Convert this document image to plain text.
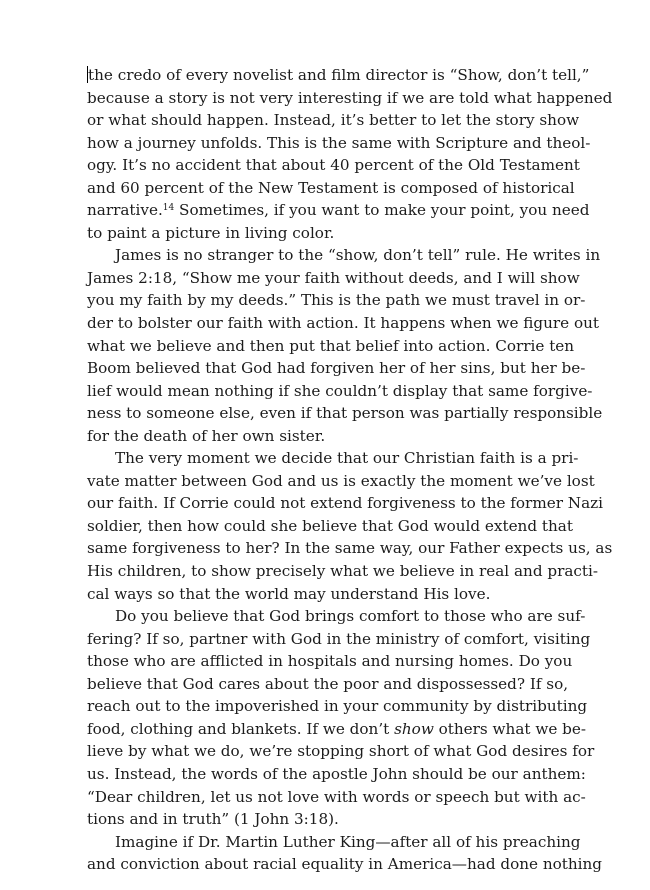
the credo of every novelist and film director is “Show, don’t tell,”
because a story is not very interesting if we are told what happened
or what should happen. Instead, it’s better to let the story show
how a journey unfolds. This is the same with Scripture and theol-
ogy. It’s no accident that about 40 percent of the Old Testament
and 60 percent of the New Testament is composed of historical
narrative.$^{14}$ Sometimes, if you want to make your point, you need
to paint a picture in living color.
James is no stranger to the “show, don’t tell” rule. He writes in
James 2:18, “Show me your faith without deeds, and I will show
you my faith by my deeds.” This is the path we must travel in or-
der to bolster our faith with action. It happens when we figure out
what we believe and then put that belief into action. Corrie ten
Boom believed that God had forgiven her of her sins, but her be-
lief would mean nothing if she couldn’t display that same forgive-
ness to someone else, even if that person was partially responsible
for the death of her own sister.
The very moment we decide that our Christian faith is a pri-
vate matter between God and us is exactly the moment we’ve lost
our faith. If Corrie could not extend forgiveness to the former Nazi
soldier, then how could she believe that God would extend that
same forgiveness to her? In the same way, our Father expects us, as
His children, to show precisely what we believe in real and practi-
cal ways so that the world may understand His love.
Do you believe that God brings comfort to those who are suf-
fering? If so, partner with God in the ministry of comfort, visiting
those who are afflicted in hospitals and nursing homes. Do you
believe that God cares about the poor and dispossessed? If so,
reach out to the impoverished in your community by distributing
food, clothing and blankets. If we don’t show others what we be-
lieve by what we do, we’re stopping short of what God desires for
us. Instead, the words of the apostle John should be our anthem:
“Dear children, let us not love with words or speech but with ac-
tions and in truth” (1 John 3:18).
Imagine if Dr. Martin Luther King—after all of his preaching
and conviction about racial equality in America—had done nothing
